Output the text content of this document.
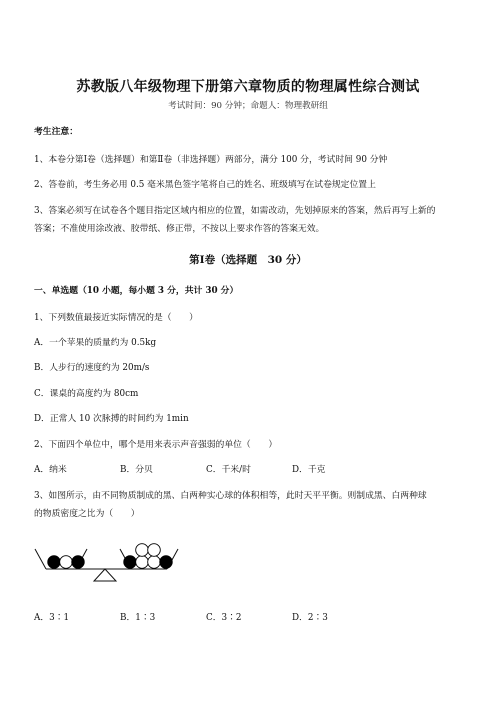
苏教版八年级物理下册第六章物质的物理属性综合测试
考试时间：90 分钟；命题人：物理教研组
考生注意：
1、本卷分第Ⅰ卷（选择题）和第Ⅱ卷（非选择题）两部分，满分 100 分，考试时间 90 分钟
2、答卷前，考生务必用 0.5 毫米黑色签字笔将自己的姓名、班级填写在试卷规定位置上
3、答案必须写在试卷各个题目指定区域内相应的位置，如需改动，先划掉原来的答案，然后再写上新的
答案；不准使用涂改液、胶带纸、修正带，不按以上要求作答的答案无效。
第Ⅰ卷（选择题　30 分）
一、单选题（10 小题，每小题 3 分，共计 30 分）
1、下列数值最接近实际情况的是（　　）
A．一个苹果的质量约为 0.5kg
B．人步行的速度约为 20m/s
C．课桌的高度约为 80cm
D．正常人 10 次脉搏的时间约为 1min
2、下面四个单位中，哪个是用来表示声音强弱的单位（　　）
A．纳米	B．分贝	C．千米/时	D．千克
3、如图所示，由不同物质制成的黑、白两种实心球的体积相等，此时天平平衡。则制成黑、白两种球
的物质密度之比为（　　）
A．3∶1	B．1∶3	C．3∶2	D．2∶3
